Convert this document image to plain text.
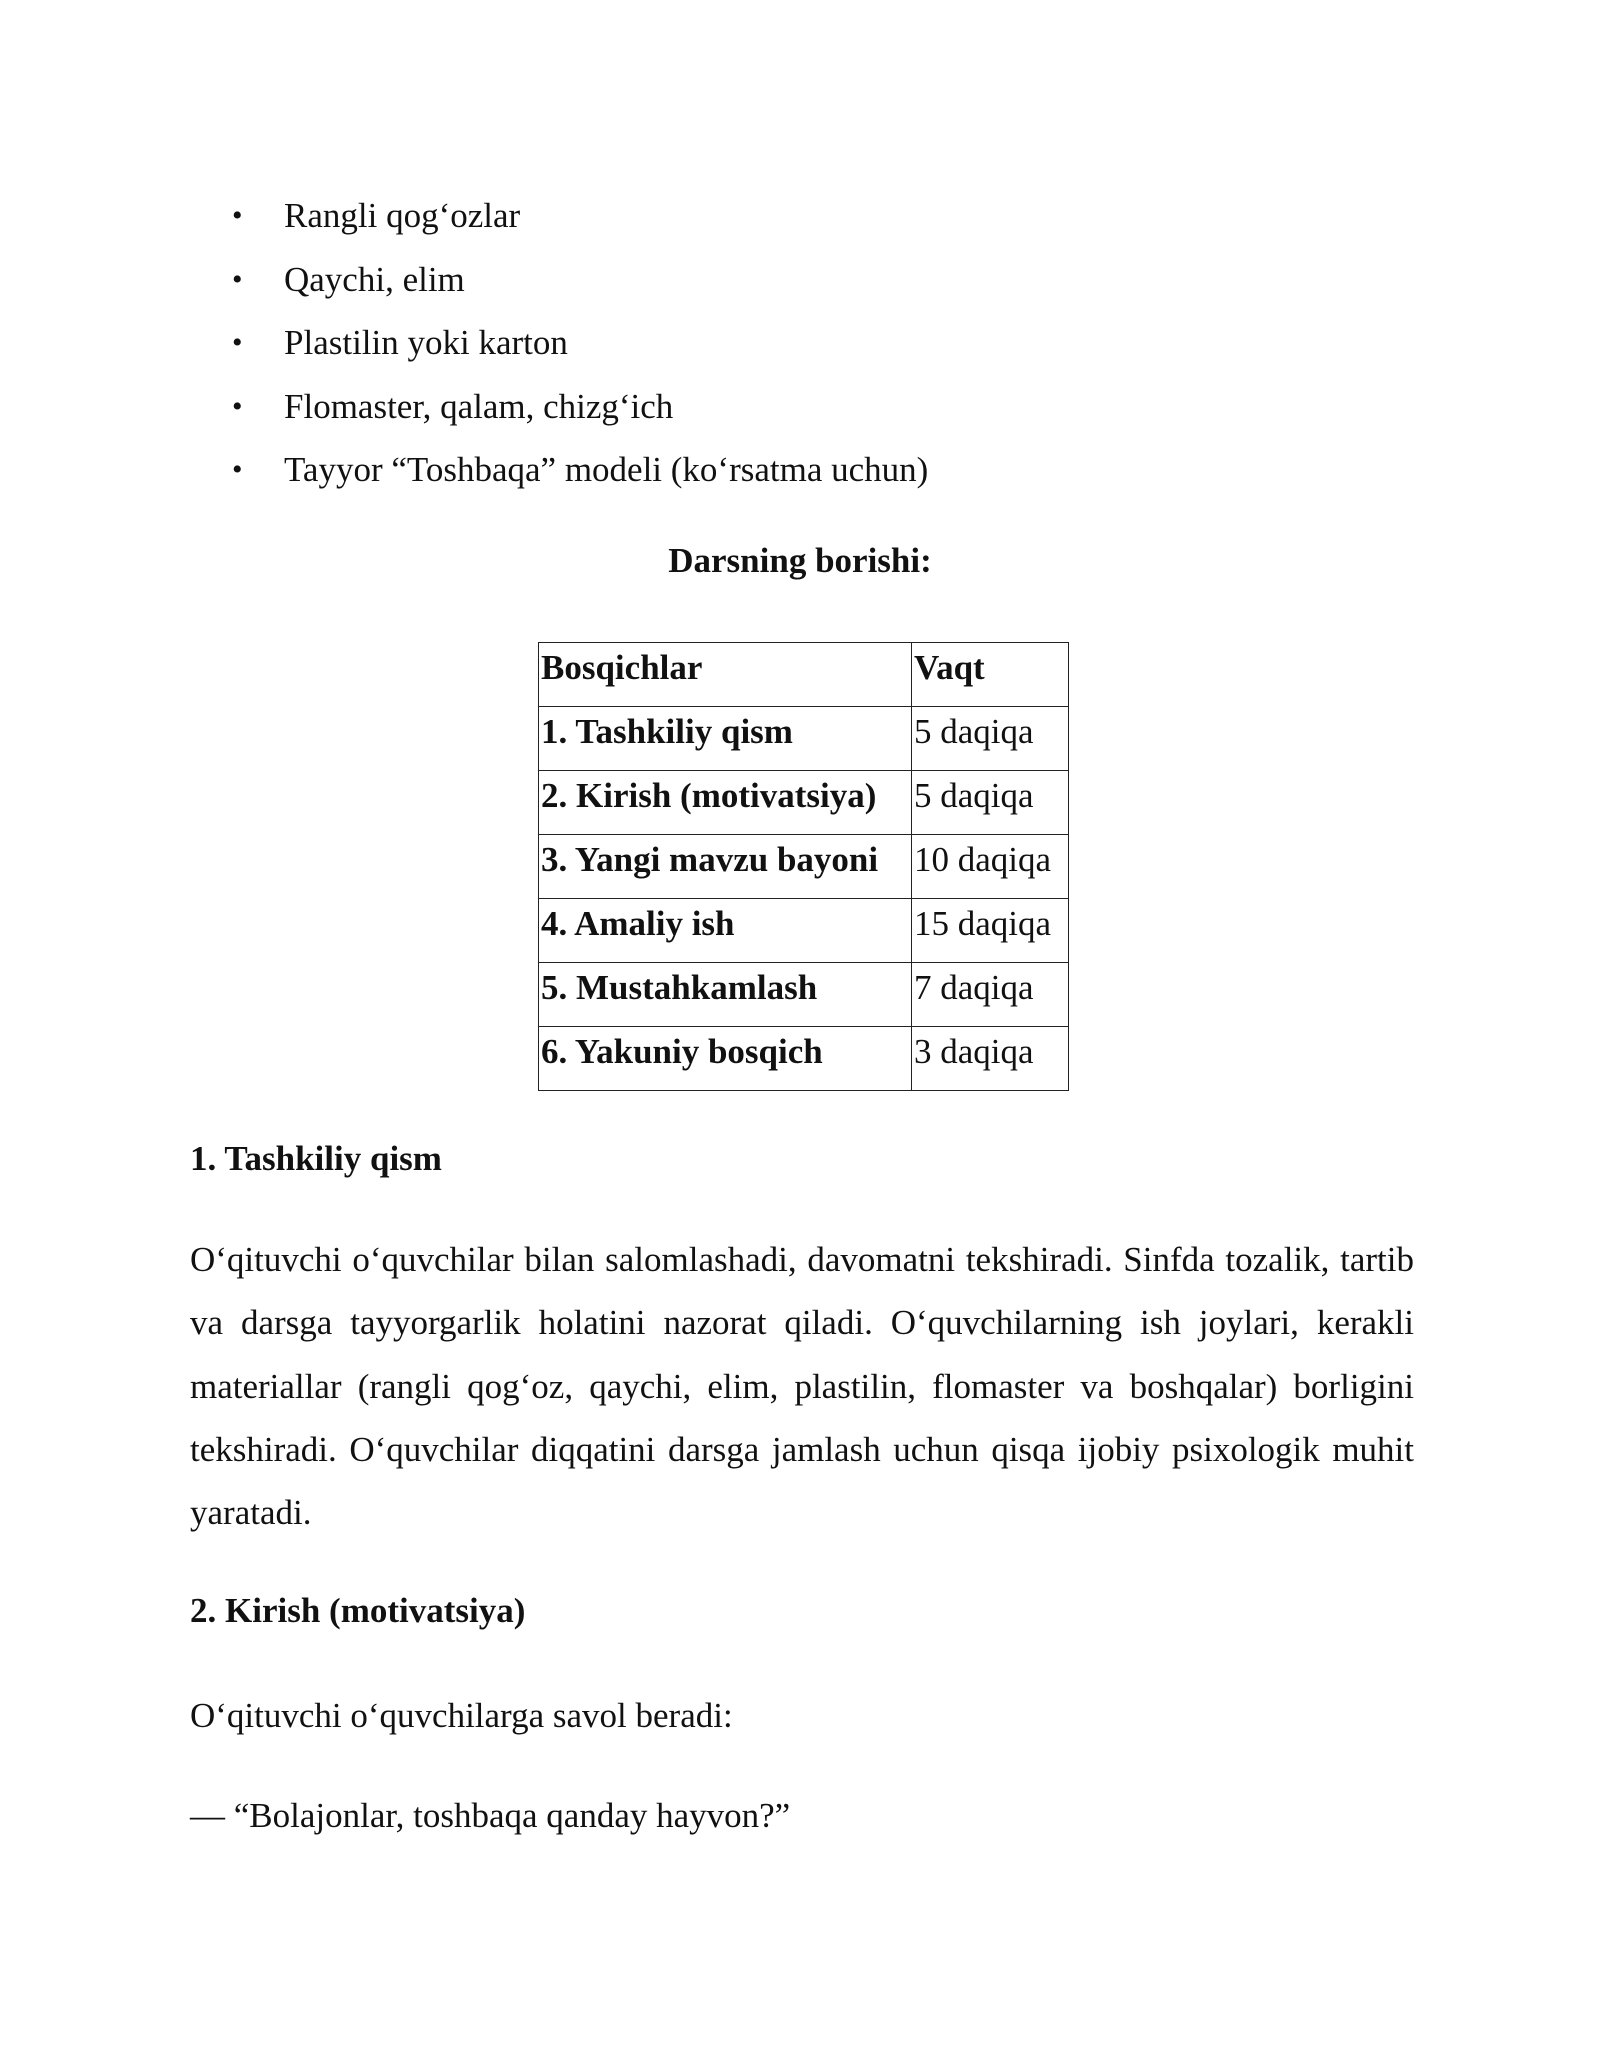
• Rangli qog‘ozlar
• Qaychi, elim
• Plastilin yoki karton
• Flomaster, qalam, chizg‘ich
• Tayyor “Toshbaqa” modeli (ko‘rsatma uchun)
Darsning borishi:
Bosqichlar	Vaqt
1. Tashkiliy qism	5 daqiqa
2. Kirish (motivatsiya)	5 daqiqa
3. Yangi mavzu bayoni	10 daqiqa
4. Amaliy ish	15 daqiqa
5. Mustahkamlash	7 daqiqa
6. Yakuniy bosqich	3 daqiqa
1. Tashkiliy qism

O‘qituvchi o‘quvchilar bilan salomlashadi, davomatni tekshiradi. Sinfda tozalik, tartib va darsga tayyorgarlik holatini nazorat qiladi. O‘quvchilarning ish joylari, kerakli materiallar (rangli qog‘oz, qaychi, elim, plastilin, flomaster va boshqalar) borligini tekshiradi. O‘quvchilar diqqatini darsga jamlash uchun qisqa ijobiy psixologik muhit yaratadi.

2. Kirish (motivatsiya)

O‘qituvchi o‘quvchilarga savol beradi:

— “Bolajonlar, toshbaqa qanday hayvon?”
